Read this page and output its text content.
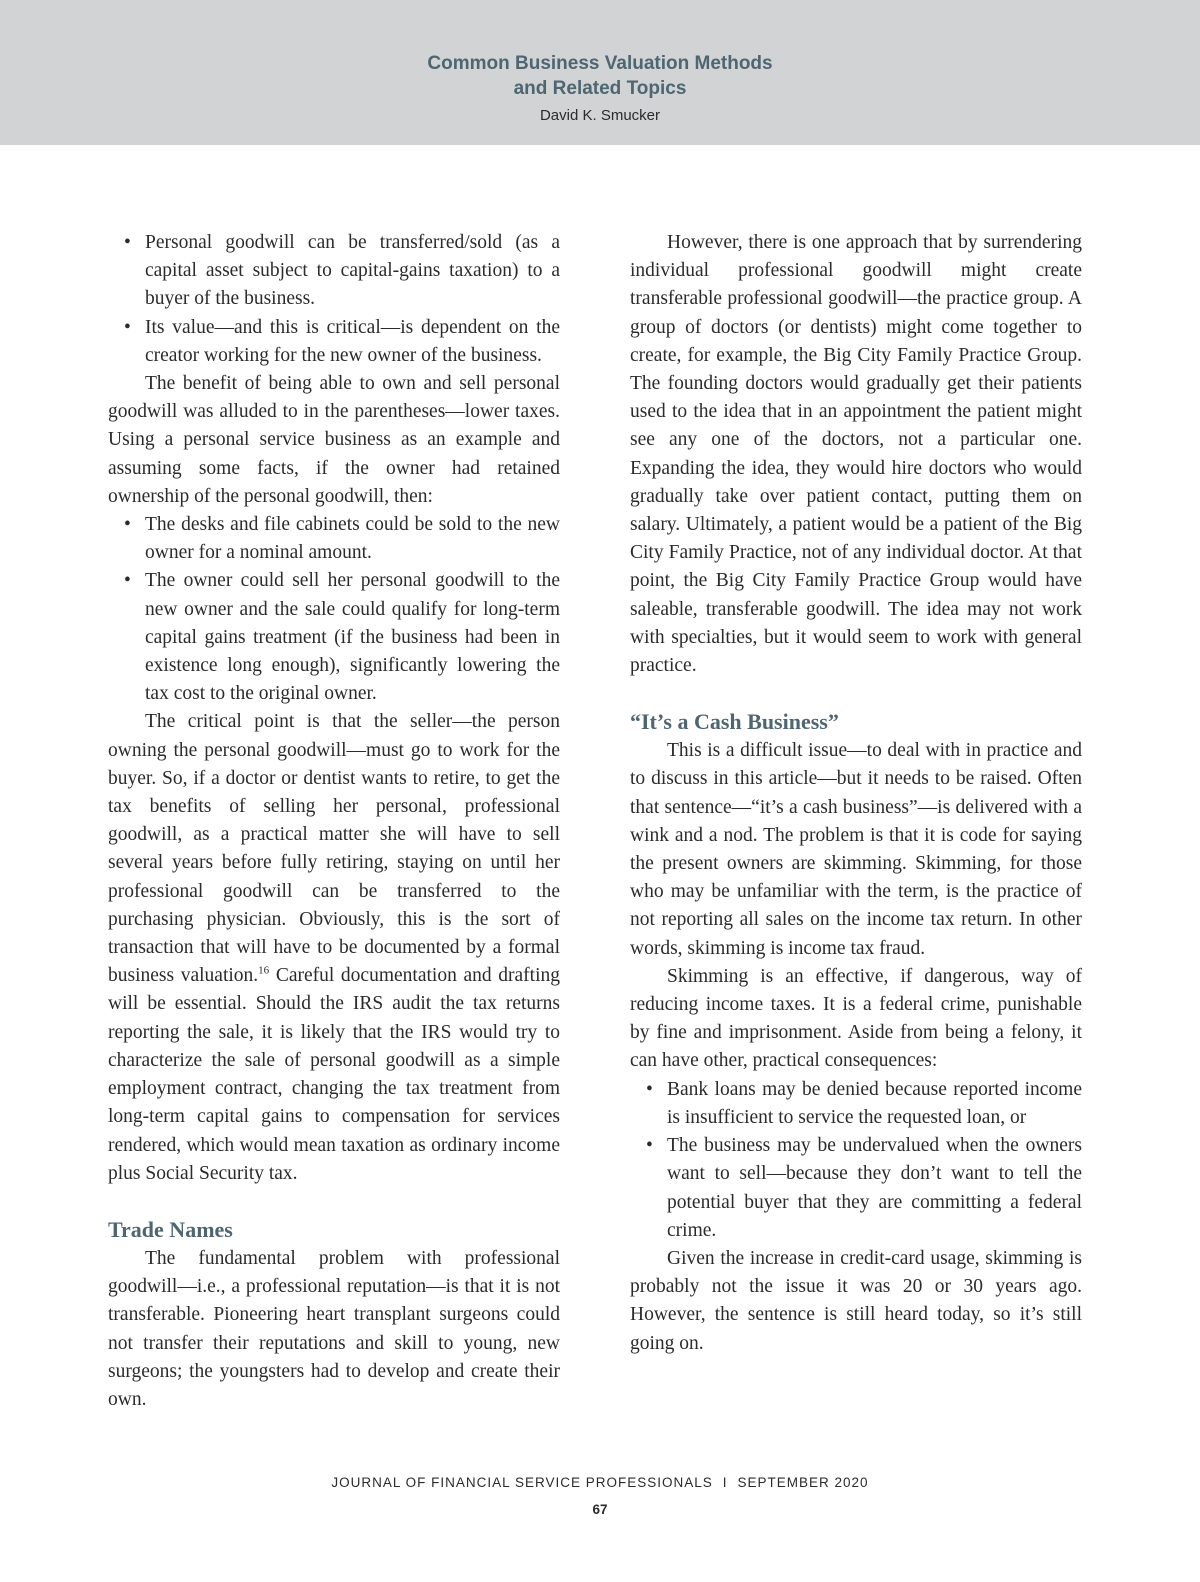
Common Business Valuation Methods
and Related Topics
David K. Smucker
• Personal goodwill can be transferred/sold (as a capital asset subject to capital-gains taxation) to a buyer of the business.
• Its value—and this is critical—is dependent on the creator working for the new owner of the business.

The benefit of being able to own and sell personal goodwill was alluded to in the parentheses—lower taxes. Using a personal service business as an example and assuming some facts, if the owner had retained ownership of the personal goodwill, then:

• The desks and file cabinets could be sold to the new owner for a nominal amount.
• The owner could sell her personal goodwill to the new owner and the sale could qualify for long-term capital gains treatment (if the business had been in existence long enough), significantly lowering the tax cost to the original owner.

The critical point is that the seller—the person owning the personal goodwill—must go to work for the buyer. So, if a doctor or dentist wants to retire, to get the tax benefits of selling her personal, professional goodwill, as a practical matter she will have to sell several years before fully retiring, staying on until her professional goodwill can be transferred to the purchasing physician. Obviously, this is the sort of transaction that will have to be documented by a formal business valuation.$^{16}$ Careful documentation and drafting will be essential. Should the IRS audit the tax returns reporting the sale, it is likely that the IRS would try to characterize the sale of personal goodwill as a simple employment contract, changing the tax treatment from long-term capital gains to compensation for services rendered, which would mean taxation as ordinary income plus Social Security tax.

Trade Names

The fundamental problem with professional goodwill—i.e., a professional reputation—is that it is not transferable. Pioneering heart transplant surgeons could not transfer their reputations and skill to young, new surgeons; the youngsters had to develop and create their own.

However, there is one approach that by surrendering individual professional goodwill might create transferable professional goodwill—the practice group. A group of doctors (or dentists) might come together to create, for example, the Big City Family Practice Group. The founding doctors would gradually get their patients used to the idea that in an appointment the patient might see any one of the doctors, not a particular one. Expanding the idea, they would hire doctors who would gradually take over patient contact, putting them on salary. Ultimately, a patient would be a patient of the Big City Family Practice, not of any individual doctor. At that point, the Big City Family Practice Group would have saleable, transferable goodwill. The idea may not work with specialties, but it would seem to work with general practice.

“It’s a Cash Business”

This is a difficult issue—to deal with in practice and to discuss in this article—but it needs to be raised. Often that sentence—“it’s a cash business”—is delivered with a wink and a nod. The problem is that it is code for saying the present owners are skimming. Skimming, for those who may be unfamiliar with the term, is the practice of not reporting all sales on the income tax return. In other words, skimming is income tax fraud.

Skimming is an effective, if dangerous, way of reducing income taxes. It is a federal crime, punishable by fine and imprisonment. Aside from being a felony, it can have other, practical consequences:

• Bank loans may be denied because reported income is insufficient to service the requested loan, or
• The business may be undervalued when the owners want to sell—because they don’t want to tell the potential buyer that they are committing a federal crime.

Given the increase in credit-card usage, skimming is probably not the issue it was 20 or 30 years ago. However, the sentence is still heard today, so it’s still going on.

JOURNAL OF FINANCIAL SERVICE PROFESSIONALS I SEPTEMBER 2020
67
